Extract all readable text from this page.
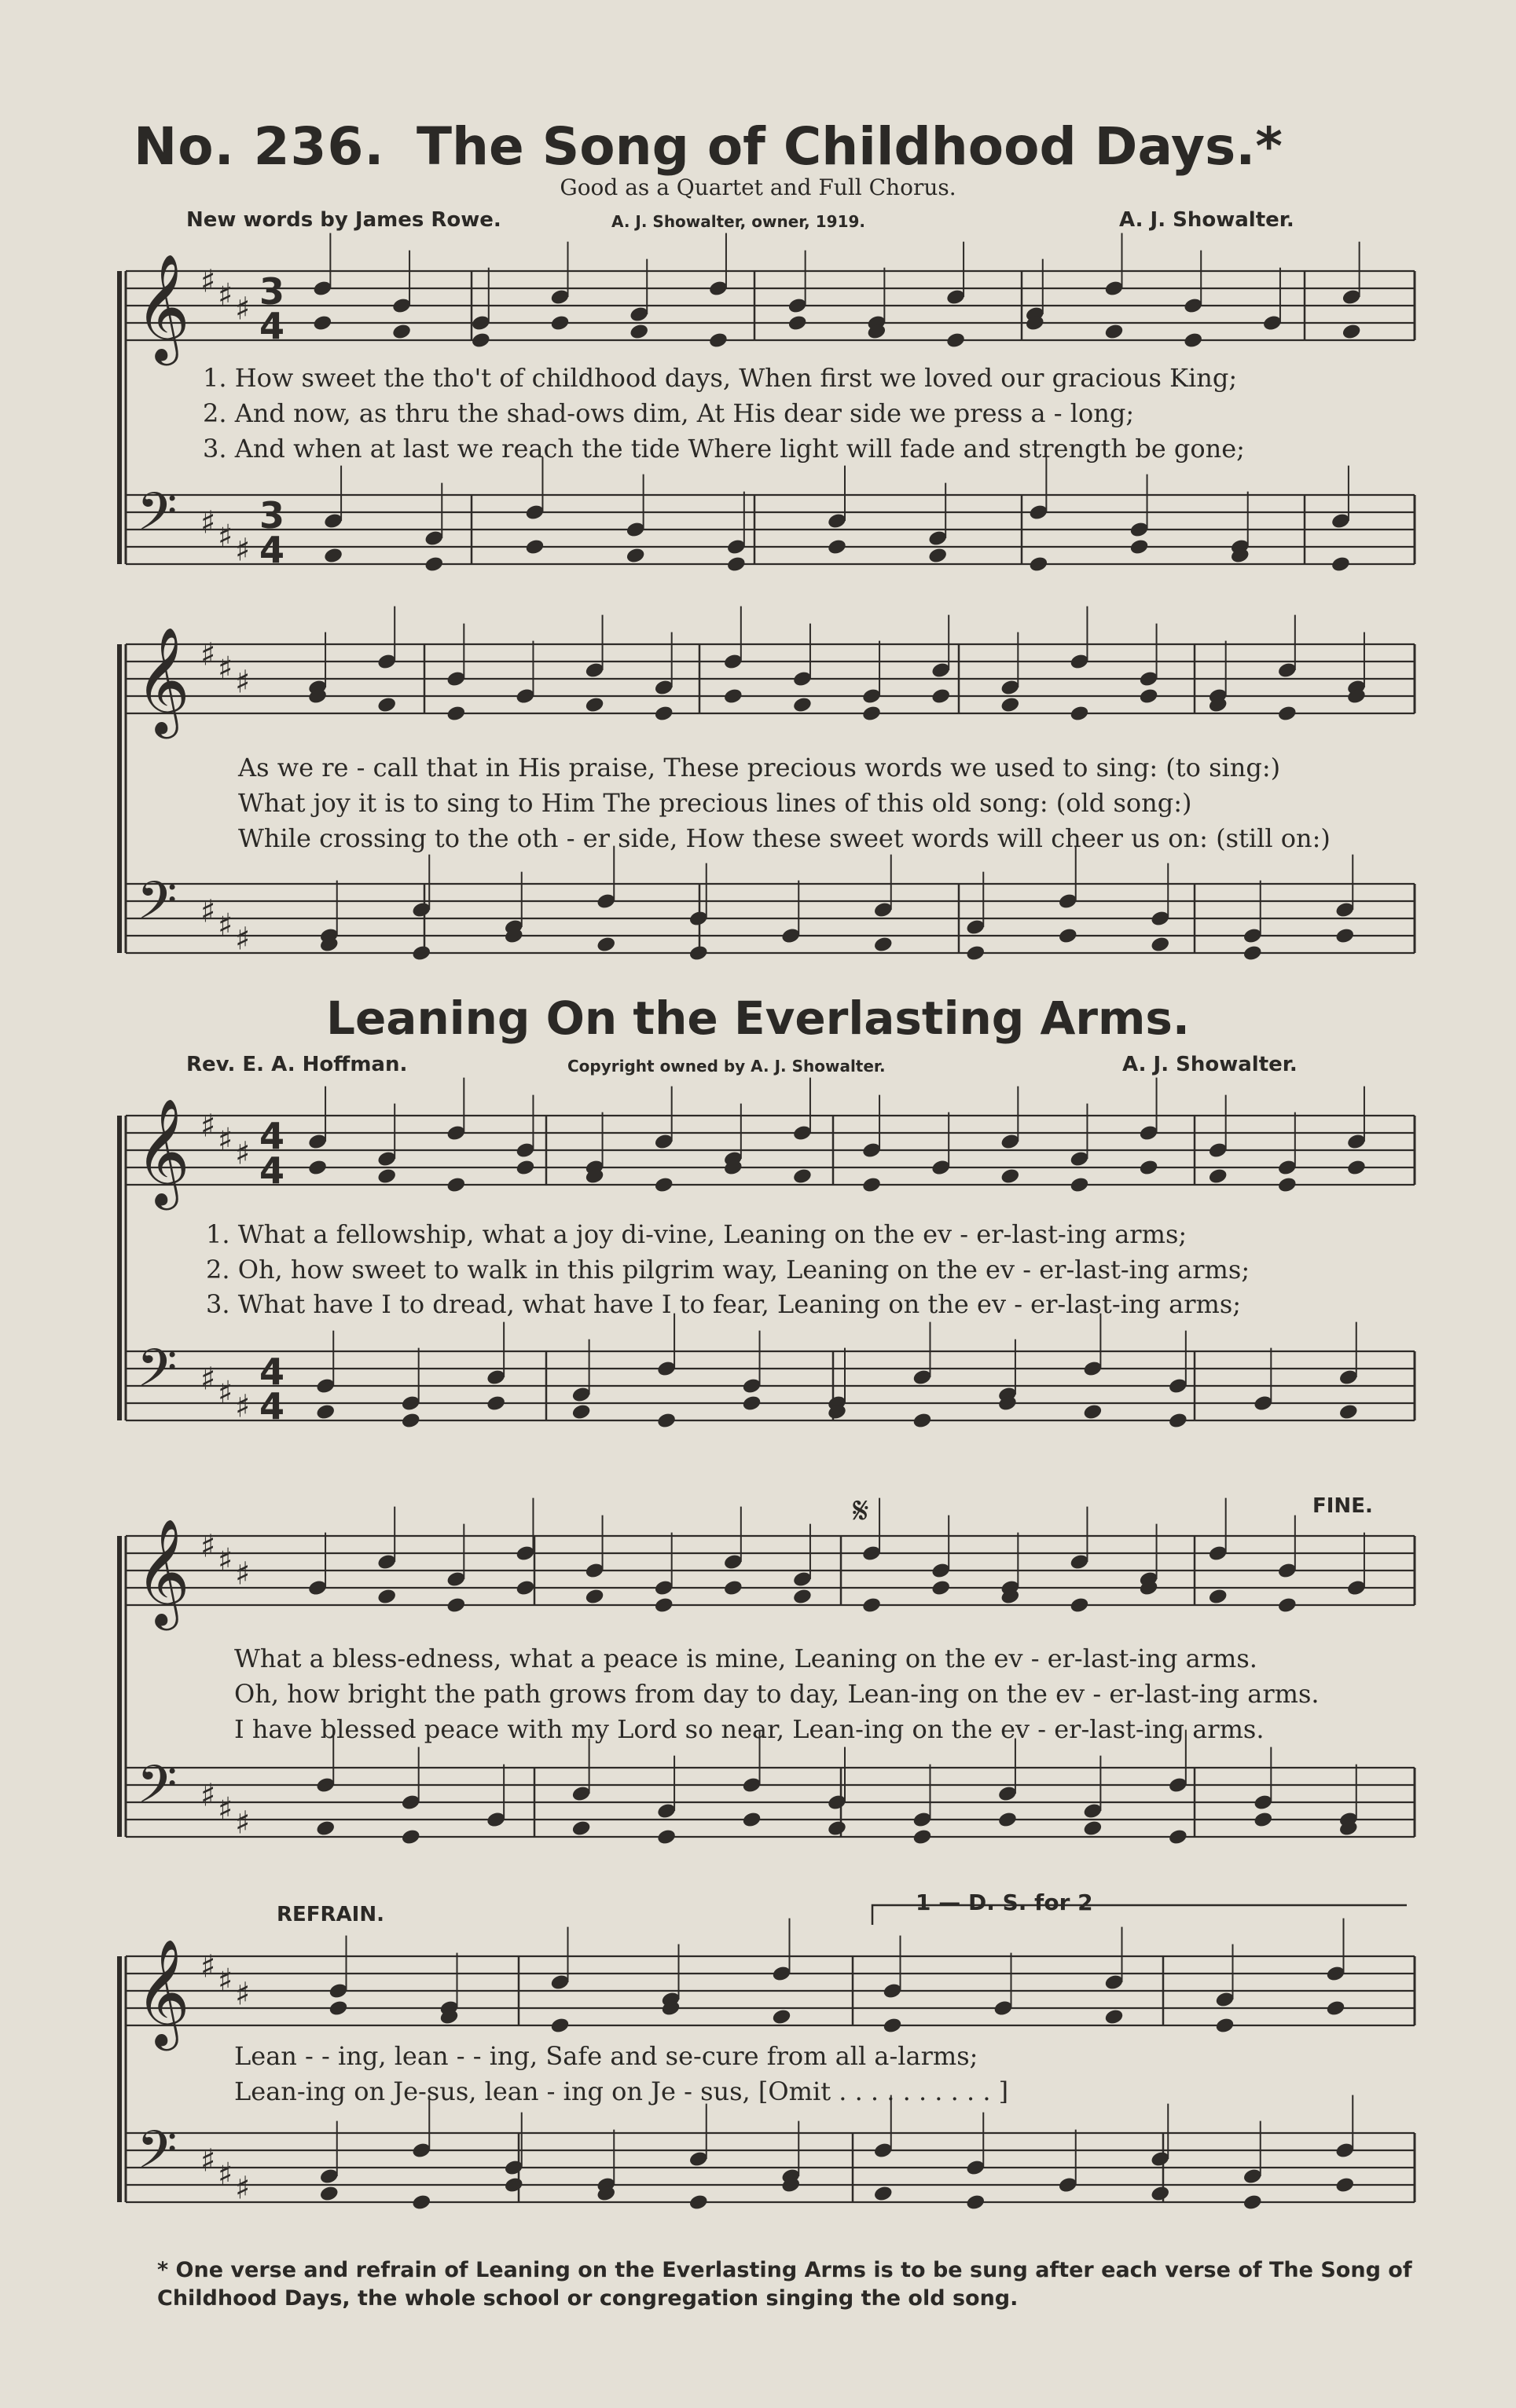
No. 236. The Song of Childhood Days.*
Good as a Quartet and Full Chorus.
New words by James Rowe.	A. J. Showalter, owner, 1919.	A. J. Showalter.
𝄞
𝄢
♯
♯
♯
♯
♯
♯
𝄞
𝄢
♯
♯
♯
♯
♯
♯
𝄞
𝄢
♯
♯
♯
♯
♯
♯
𝄞
𝄢
♯
♯
♯
♯
♯
♯
𝄞
𝄢
♯
♯
♯
♯
♯
♯
3
4
3
4
4
4
4
4
1. How sweet the tho't of childhood days, When first we loved our gracious King;
2. And now, as thru the shad-ows dim, At His dear side we press a - long;
3. And when at last we reach the tide Where light will fade and strength be gone;
As we re - call that in His praise, These precious words we used to sing: (to sing:)
What joy it is to sing to Him The precious lines of this old song: (old song:)
While crossing to the oth - er side, How these sweet words will cheer us on: (still on:)
Leaning On the Everlasting Arms.
Rev. E. A. Hoffman.	Copyright owned by A. J. Showalter.	A. J. Showalter.
1. What a fellowship, what a joy di-vine, Leaning on the ev - er-last-ing arms;
2. Oh, how sweet to walk in this pilgrim way, Leaning on the ev - er-last-ing arms;
3. What have I to dread, what have I to fear, Leaning on the ev - er-last-ing arms;
𝄋	FINE.
What a bless-edness, what a peace is mine, Leaning on the ev - er-last-ing arms.
Oh, how bright the path grows from day to day, Lean-ing on the ev - er-last-ing arms.
I have blessed peace with my Lord so near, Lean-ing on the ev - er-last-ing arms.
REFRAIN.	1 — D. S. for 2
Lean - - ing, lean - - ing, Safe and se-cure from all a-larms;
Lean-ing on Je-sus, lean - ing on Je - sus, [Omit . . . . . . . . . . ]
* One verse and refrain of Leaning on the Everlasting Arms is to be sung after each verse of The Song of Childhood Days, the whole school or congregation singing the old song.
